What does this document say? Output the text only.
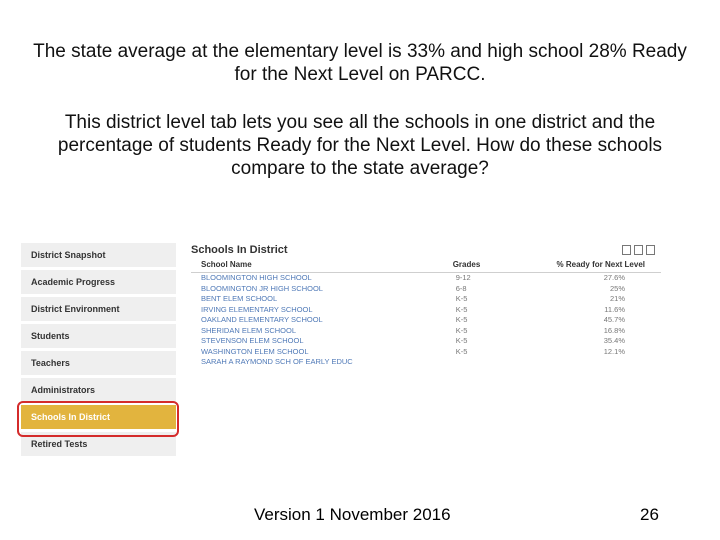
The state average at the elementary level is 33% and high school 28% Ready for the Next Level on PARCC.
This district level tab lets you see all the schools in one district and the percentage of students Ready for the Next Level. How do these schools compare to the state average?
District Snapshot
Academic Progress
District Environment
Students
Teachers
Administrators
Schools In District
Retired Tests
Schools In District
School Name	Grades	% Ready for Next Level
BLOOMINGTON HIGH SCHOOL	9-12	27.6%
BLOOMINGTON JR HIGH SCHOOL	6-8	25%
BENT ELEM SCHOOL	K-5	21%
IRVING ELEMENTARY SCHOOL	K-5	11.6%
OAKLAND ELEMENTARY SCHOOL	K-5	45.7%
SHERIDAN ELEM SCHOOL	K-5	16.8%
STEVENSON ELEM SCHOOL	K-5	35.4%
WASHINGTON ELEM SCHOOL	K-5	12.1%
SARAH A RAYMOND SCH OF EARLY EDUC		
Version 1 November 2016	26
